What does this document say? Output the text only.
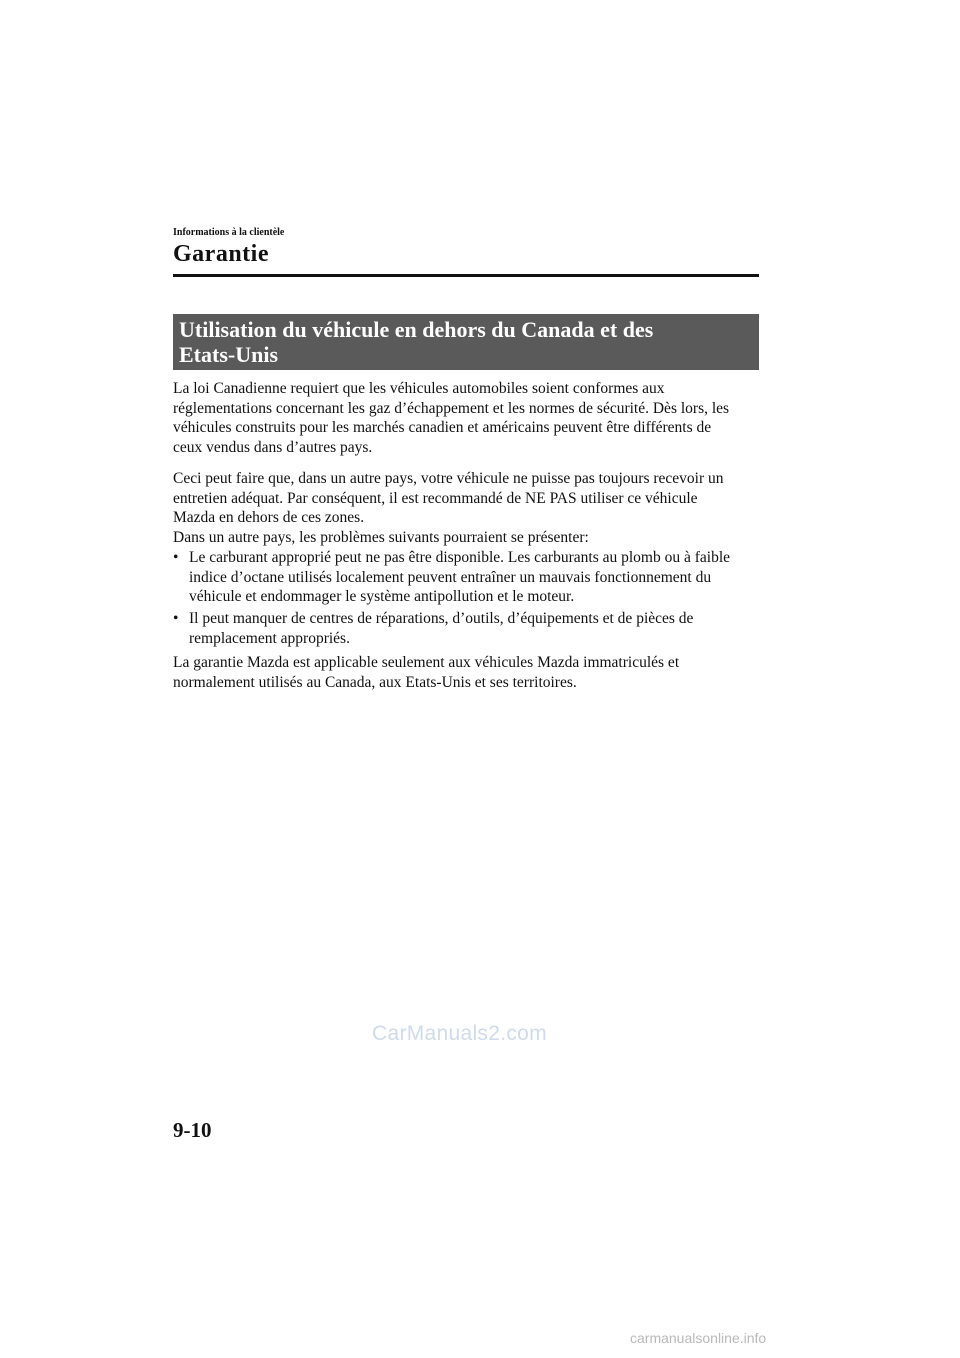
Informations à la clientèle
Garantie
Utilisation du véhicule en dehors du Canada et des
Etats-Unis

La loi Canadienne requiert que les véhicules automobiles soient conformes aux
réglementations concernant les gaz d’échappement et les normes de sécurité. Dès lors, les
véhicules construits pour les marchés canadien et américains peuvent être différents de
ceux vendus dans d’autres pays.

Ceci peut faire que, dans un autre pays, votre véhicule ne puisse pas toujours recevoir un
entretien adéquat. Par conséquent, il est recommandé de NE PAS utiliser ce véhicule
Mazda en dehors de ces zones.
Dans un autre pays, les problèmes suivants pourraient se présenter:

• Le carburant approprié peut ne pas être disponible. Les carburants au plomb ou à faible
indice d’octane utilisés localement peuvent entraîner un mauvais fonctionnement du
véhicule et endommager le système antipollution et le moteur.
• Il peut manquer de centres de réparations, d’outils, d’équipements et de pièces de
remplacement appropriés.

La garantie Mazda est applicable seulement aux véhicules Mazda immatriculés et
normalement utilisés au Canada, aux Etats-Unis et ses territoires.

CarManuals2.com
9-10
carmanualsonline.info
